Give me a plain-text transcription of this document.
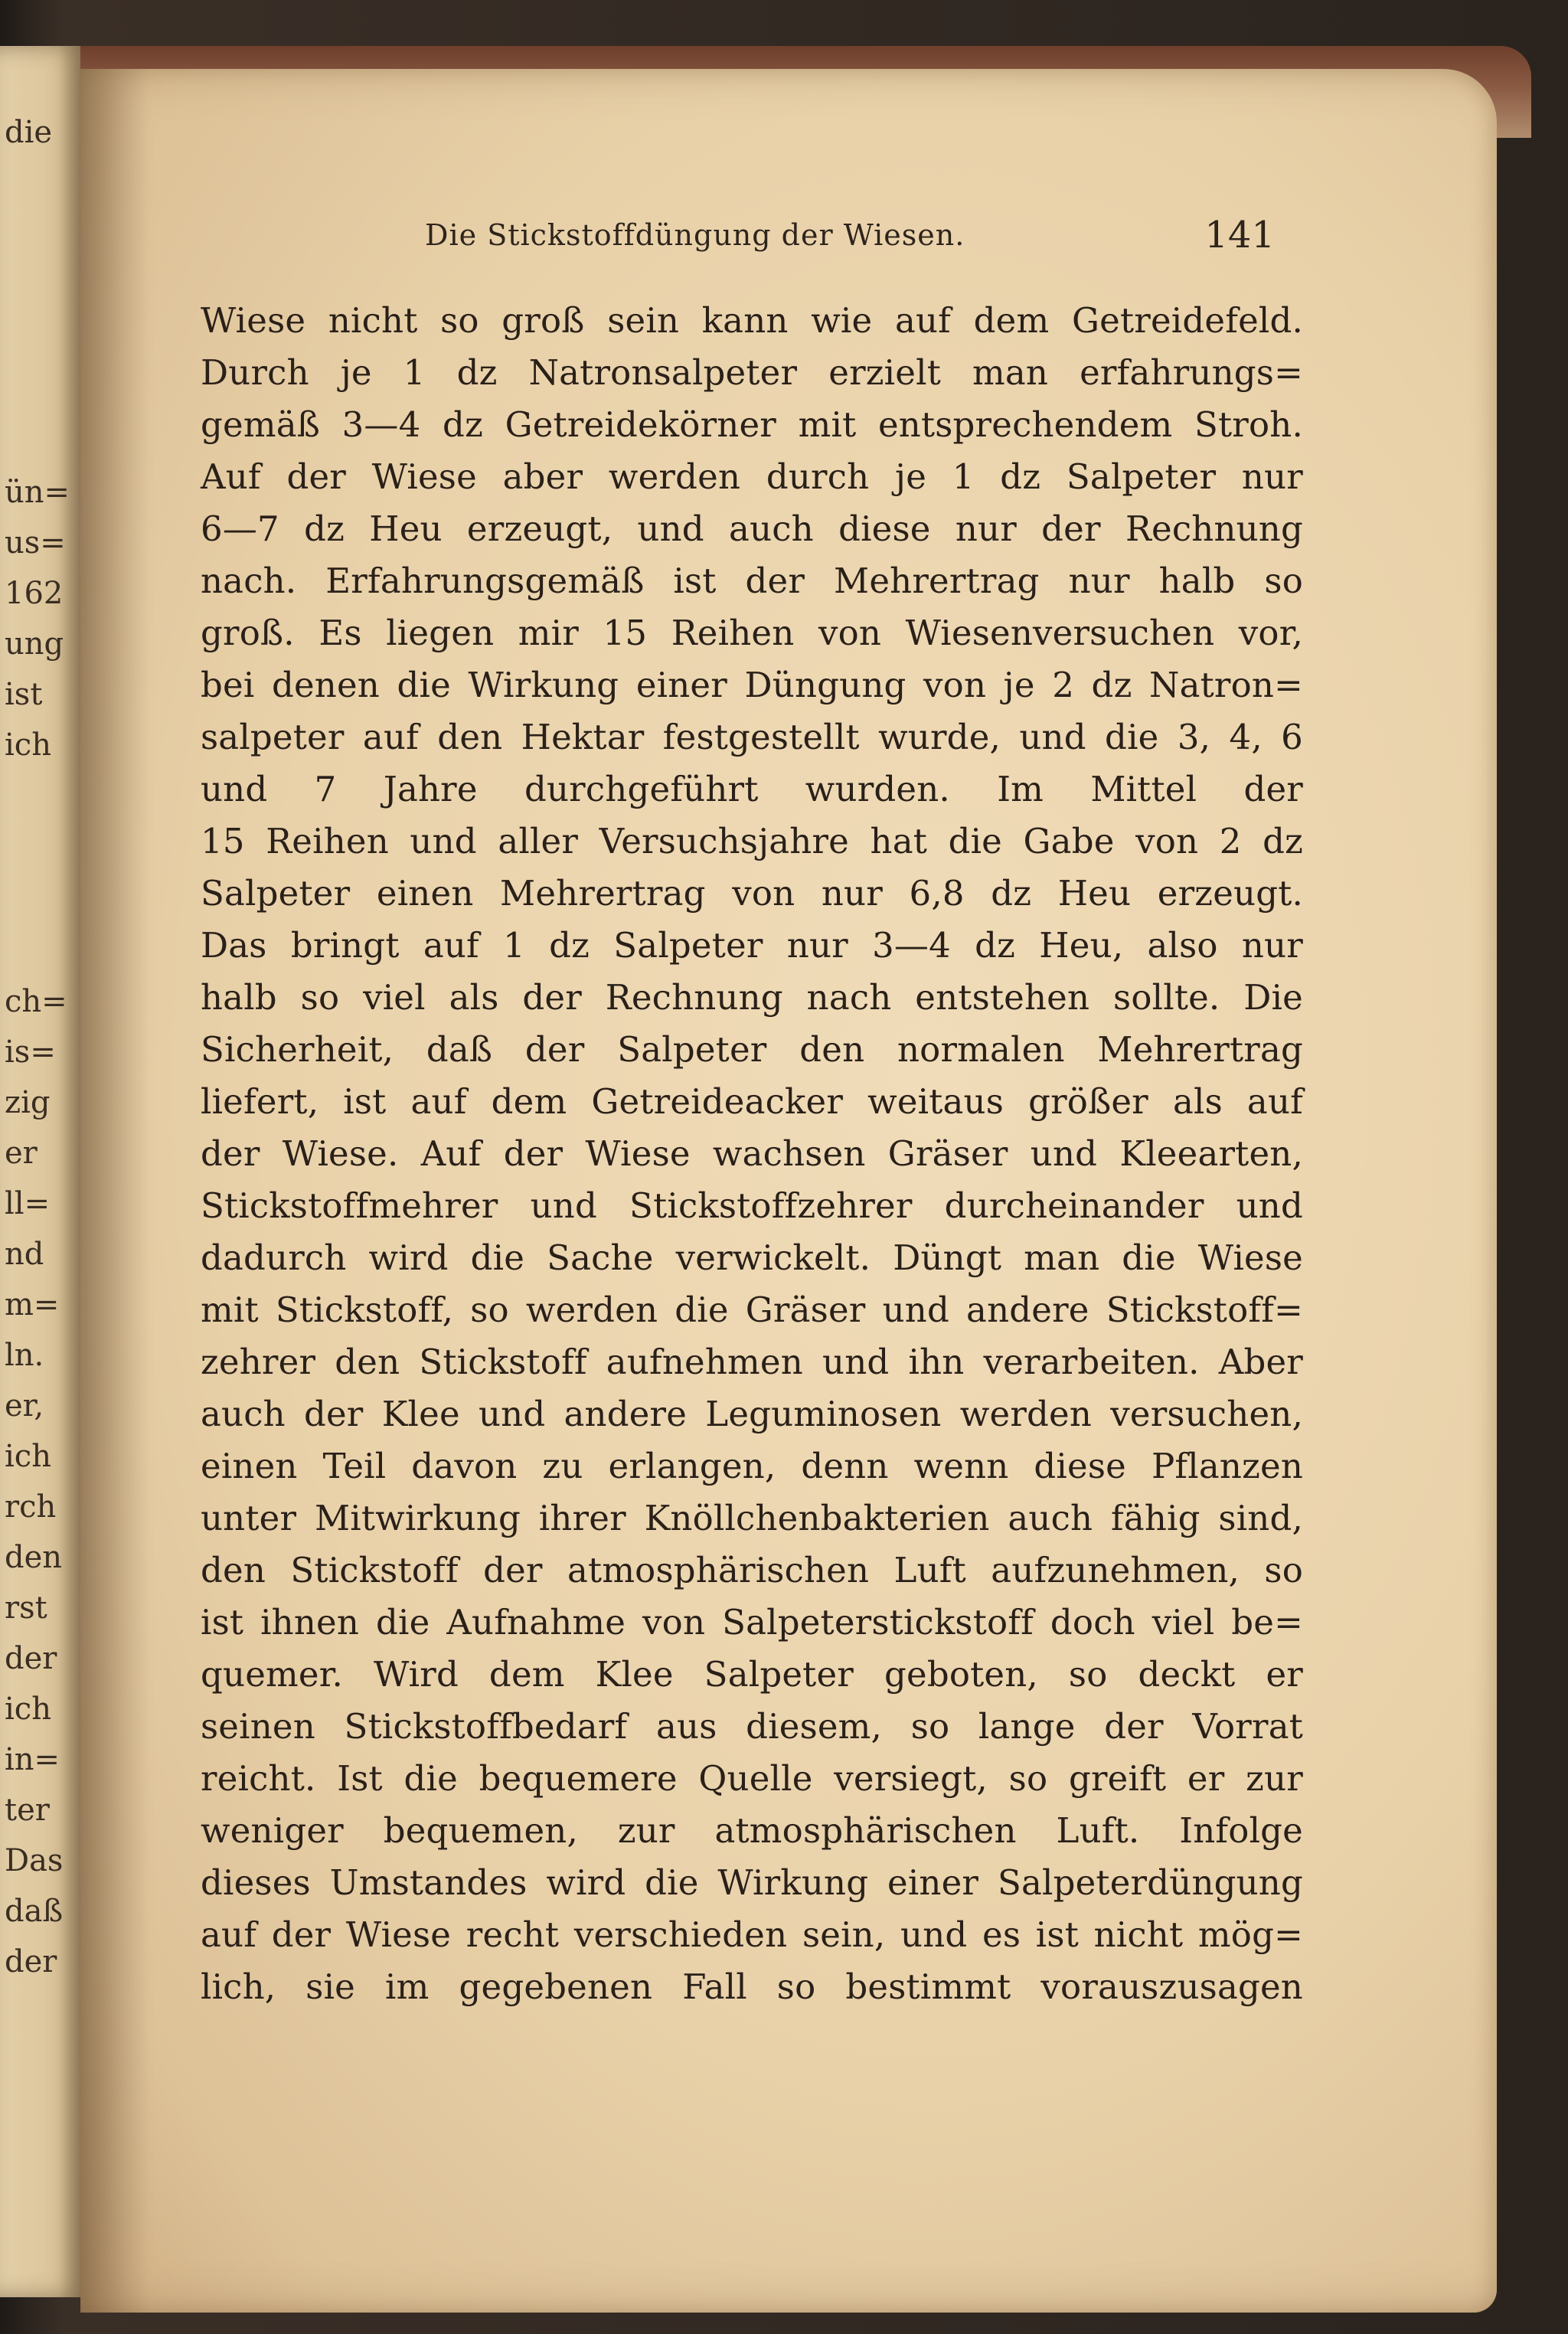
die
ün=
us=
162
ung
ist
ich
ch=
is=
zig
er
ll=
nd
m=
ln.
er,
ich
rch
den
rst
der
ich
in=
ter
Das
daß
der
Die Stickstoffdüngung der Wiesen.	141
Wiese nicht so groß sein kann wie auf dem Getreidefeld.
Durch je 1 dz Natronsalpeter erzielt man erfahrungs=
gemäß 3—4 dz Getreidekörner mit entsprechendem Stroh.
Auf der Wiese aber werden durch je 1 dz Salpeter nur
6—7 dz Heu erzeugt, und auch diese nur der Rechnung
nach. Erfahrungsgemäß ist der Mehrertrag nur halb so
groß. Es liegen mir 15 Reihen von Wiesenversuchen vor,
bei denen die Wirkung einer Düngung von je 2 dz Natron=
salpeter auf den Hektar festgestellt wurde, und die 3, 4, 6
und 7 Jahre durchgeführt wurden. Im Mittel der
15 Reihen und aller Versuchsjahre hat die Gabe von 2 dz
Salpeter einen Mehrertrag von nur 6,8 dz Heu erzeugt.
Das bringt auf 1 dz Salpeter nur 3—4 dz Heu, also nur
halb so viel als der Rechnung nach entstehen sollte. Die
Sicherheit, daß der Salpeter den normalen Mehrertrag
liefert, ist auf dem Getreideacker weitaus größer als auf
der Wiese. Auf der Wiese wachsen Gräser und Kleearten,
Stickstoffmehrer und Stickstoffzehrer durcheinander und
dadurch wird die Sache verwickelt. Düngt man die Wiese
mit Stickstoff, so werden die Gräser und andere Stickstoff=
zehrer den Stickstoff aufnehmen und ihn verarbeiten. Aber
auch der Klee und andere Leguminosen werden versuchen,
einen Teil davon zu erlangen, denn wenn diese Pflanzen
unter Mitwirkung ihrer Knöllchenbakterien auch fähig sind,
den Stickstoff der atmosphärischen Luft aufzunehmen, so
ist ihnen die Aufnahme von Salpeterstickstoff doch viel be=
quemer. Wird dem Klee Salpeter geboten, so deckt er
seinen Stickstoffbedarf aus diesem, so lange der Vorrat
reicht. Ist die bequemere Quelle versiegt, so greift er zur
weniger bequemen, zur atmosphärischen Luft. Infolge
dieses Umstandes wird die Wirkung einer Salpeterdüngung
auf der Wiese recht verschieden sein, und es ist nicht mög=
lich, sie im gegebenen Fall so bestimmt vorauszusagen
